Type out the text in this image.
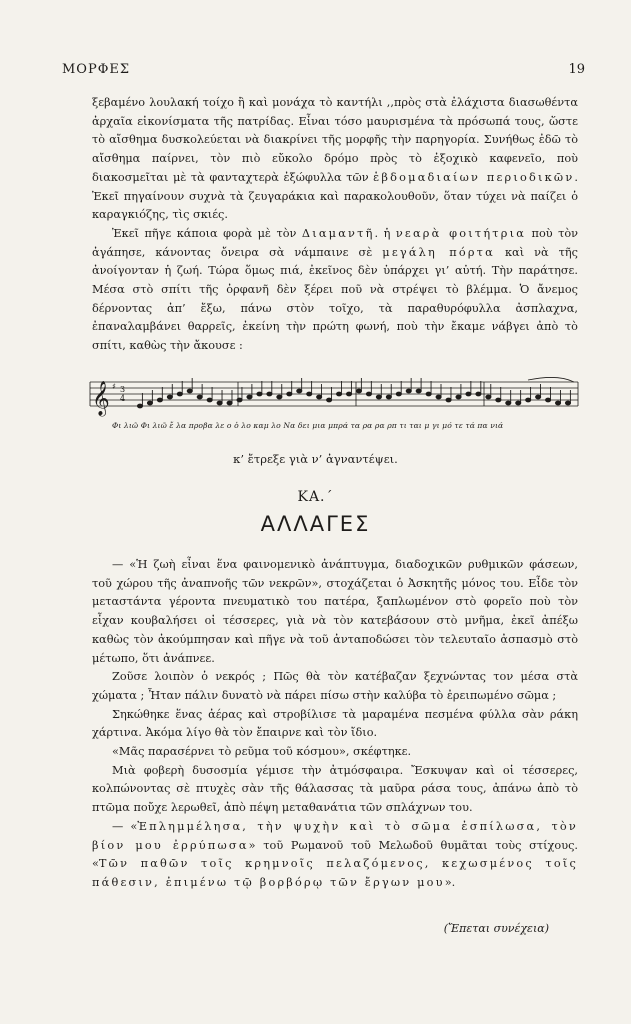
ΜΟΡΦΕΣ	19

ξεβαμένο λουλακή τοίχο ἢ καὶ μονάχα τὸ καντήλι ,,πρὸς στὰ ἐλάχιστα διασωθέντα ἀρχαῖα εἰκονίσματα τῆς πατρίδας. Εἶναι τόσο μαυρισμένα τὰ πρόσωπά τους, ὥστε τὸ αἴσθημα δυσκολεύεται νὰ διακρίνει τῆς μορφῆς τὴν παρηγορία. Συνήθως ἐδῶ τὸ αἴσθημα παίρνει, τὸν πιὸ εὔκολο δρόμο πρὸς τὸ ἐξοχικὸ καφενεῖο, ποὺ διακοσμεῖται μὲ τὰ φανταχτερὰ ἐξώφυλλα τῶν ἑβδομαδιαίων περιοδικῶν. Ἐκεῖ πηγαίνουν συχνὰ τὰ ζευγαράκια καὶ παρακολουθοῦν, ὅταν τύχει νὰ παίζει ὁ καραγκιόζης, τὶς σκιές.

Ἐκεῖ πῆγε κάποια φορὰ μὲ τὸν Διαμαντῆ. ἡ νεαρὰ φοιτήτρια ποὺ τὸν ἀγάπησε, κάνοντας ὄνειρα σὰ νάμπαινε σὲ μεγάλη πόρτα καὶ νὰ τῆς ἀνοίγονταν ἡ ζωή. Τώρα ὅμως πιά, ἐκεῖνος δὲν ὑπάρχει γι’ αὐτή. Τὴν παράτησε. Μέσα στὸ σπίτι τῆς ὀρφανῆ δὲν ξέρει ποῦ νὰ στρέψει τὸ βλέμμα. Ὁ ἄνεμος δέρνοντας ἀπ’ ἔξω, πάνω στὸν τοῖχο, τὰ παραθυρόφυλλα ἀσπλαχνα, ἐπαναλαμβάνει θαρρεῖς, ἐκείνη τὴν πρώτη φωνή, ποὺ τὴν ἔκαμε νάβγει ἀπὸ τὸ σπίτι, καθὼς τὴν ἄκουσε :

𝄞 ♯ 3
4
Φι λιῶ Φι λιῶ ἔ λα προβα λε ο ὁ λο καμ λο Να δει μια μπρά τα ρα ρα ρπ τι ται μ γι μό τε τά πα νιά
κ’ ἔτρεξε γιὰ ν’ ἀγναντέψει.
ΚΑ.΄
ΑΛΛΑΓΕΣ

— «Ἡ ζωὴ εἶναι ἕνα φαινομενικὸ ἀνάπτυγμα, διαδοχικῶν ρυθμικῶν φάσεων, τοῦ χώρου τῆς ἀναπνοῆς τῶν νεκρῶν», στοχάζεται ὁ Ἀσκητῆς μόνος του. Εἶδε τὸν μεταστάντα γέροντα πνευματικὸ του πατέρα, ξαπλωμένον στὸ φορεῖο ποὺ τὸν εἶχαν κουβαλήσει οἱ τέσσερες, γιὰ νὰ τὸν κατεβάσουν στὸ μνῆμα, ἐκεῖ ἀπέξω καθὼς τὸν ἀκούμπησαν καὶ πῆγε νὰ τοῦ ἀνταποδώσει τὸν τελευταῖο ἀσπασμὸ στὸ μέτωπο, ὅτι ἀνάπνεε.

Ζοῦσε λοιπὸν ὁ νεκρός ; Πῶς θὰ τὸν κατέβαζαν ξεχνώντας τον μέσα στὰ χώματα ; Ἦταν πάλιν δυνατὸ νὰ πάρει πίσω στὴν καλύβα τὸ ἐρειπωμένο σῶμα ;

Σηκώθηκε ἕνας ἀέρας καὶ στροβίλισε τὰ μαραμένα πεσμένα φύλλα σὰν ράκη χάρτινα. Ἀκόμα λίγο θὰ τὸν ἔπαιρνε καὶ τὸν ἴδιο.

«Μᾶς παρασέρνει τὸ ρεῦμα τοῦ κόσμου», σκέφτηκε.

Μιὰ φοβερὴ δυσοσμία γέμισε τὴν ἀτμόσφαιρα. Ἔσκυψαν καὶ οἱ τέσσερες, κολπώνοντας σὲ πτυχὲς σὰν τῆς θάλασσας τὰ μαῦρα ράσα τους, ἀπάνω ἀπὸ τὸ πτῶμα ποὔχε λερωθεῖ, ἀπὸ πέψη μεταθανάτια τῶν σπλάχνων του.

— «Ἐπλημμέλησα, τὴν ψυχὴν καὶ τὸ σῶμα ἐσπίλωσα, τὸν βίον μου ἐρρύπωσα» τοῦ Ρωμανοῦ τοῦ Μελωδοῦ θυμᾶται τοὺς στίχους. «Τῶν παθῶν τοῖς κρημνοῖς πελαζόμενος, κεχωσμένος τοῖς πάθεσιν, ἐπιμένω τῷ βορβόρῳ τῶν ἔργων μου».

(Ἔπεται συνέχεια)
